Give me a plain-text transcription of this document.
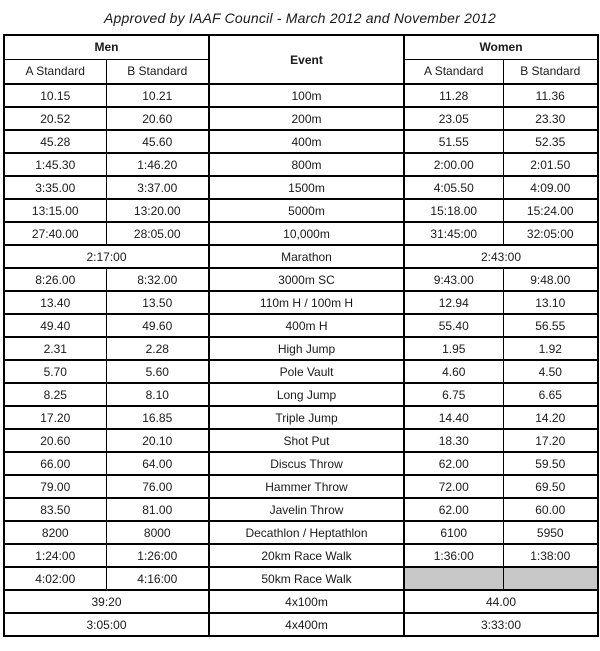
Approved by IAAF Council - March 2012 and November 2012
Men		Event	Women	
A Standard	B Standard		A Standard	B Standard
10.15	10.21	100m	11.28	11.36
20.52	20.60	200m	23.05	23.30
45.28	45.60	400m	51.55	52.35
1:45.30	1:46.20	800m	2:00.00	2:01.50
3:35.00	3:37.00	1500m	4:05.50	4:09.00
13:15.00	13:20.00	5000m	15:18.00	15:24.00
27:40.00	28:05.00	10,000m	31:45:00	32:05:00
2:17:00		Marathon	2:43:00	
8:26.00	8:32.00	3000m SC	9:43.00	9:48.00
13.40	13.50	110m H / 100m H	12.94	13.10
49.40	49.60	400m H	55.40	56.55
2.31	2.28	High Jump	1.95	1.92
5.70	5.60	Pole Vault	4.60	4.50
8.25	8.10	Long Jump	6.75	6.65
17.20	16.85	Triple Jump	14.40	14.20
20.60	20.10	Shot Put	18.30	17.20
66.00	64.00	Discus Throw	62.00	59.50
79.00	76.00	Hammer Throw	72.00	69.50
83.50	81.00	Javelin Throw	62.00	60.00
8200	8000	Decathlon / Heptathlon	6100	5950
1:24:00	1:26:00	20km Race Walk	1:36:00	1:38:00
4:02:00	4:16:00	50km Race Walk		
39:20		4x100m	44.00	
3:05:00		4x400m	3:33:00	
